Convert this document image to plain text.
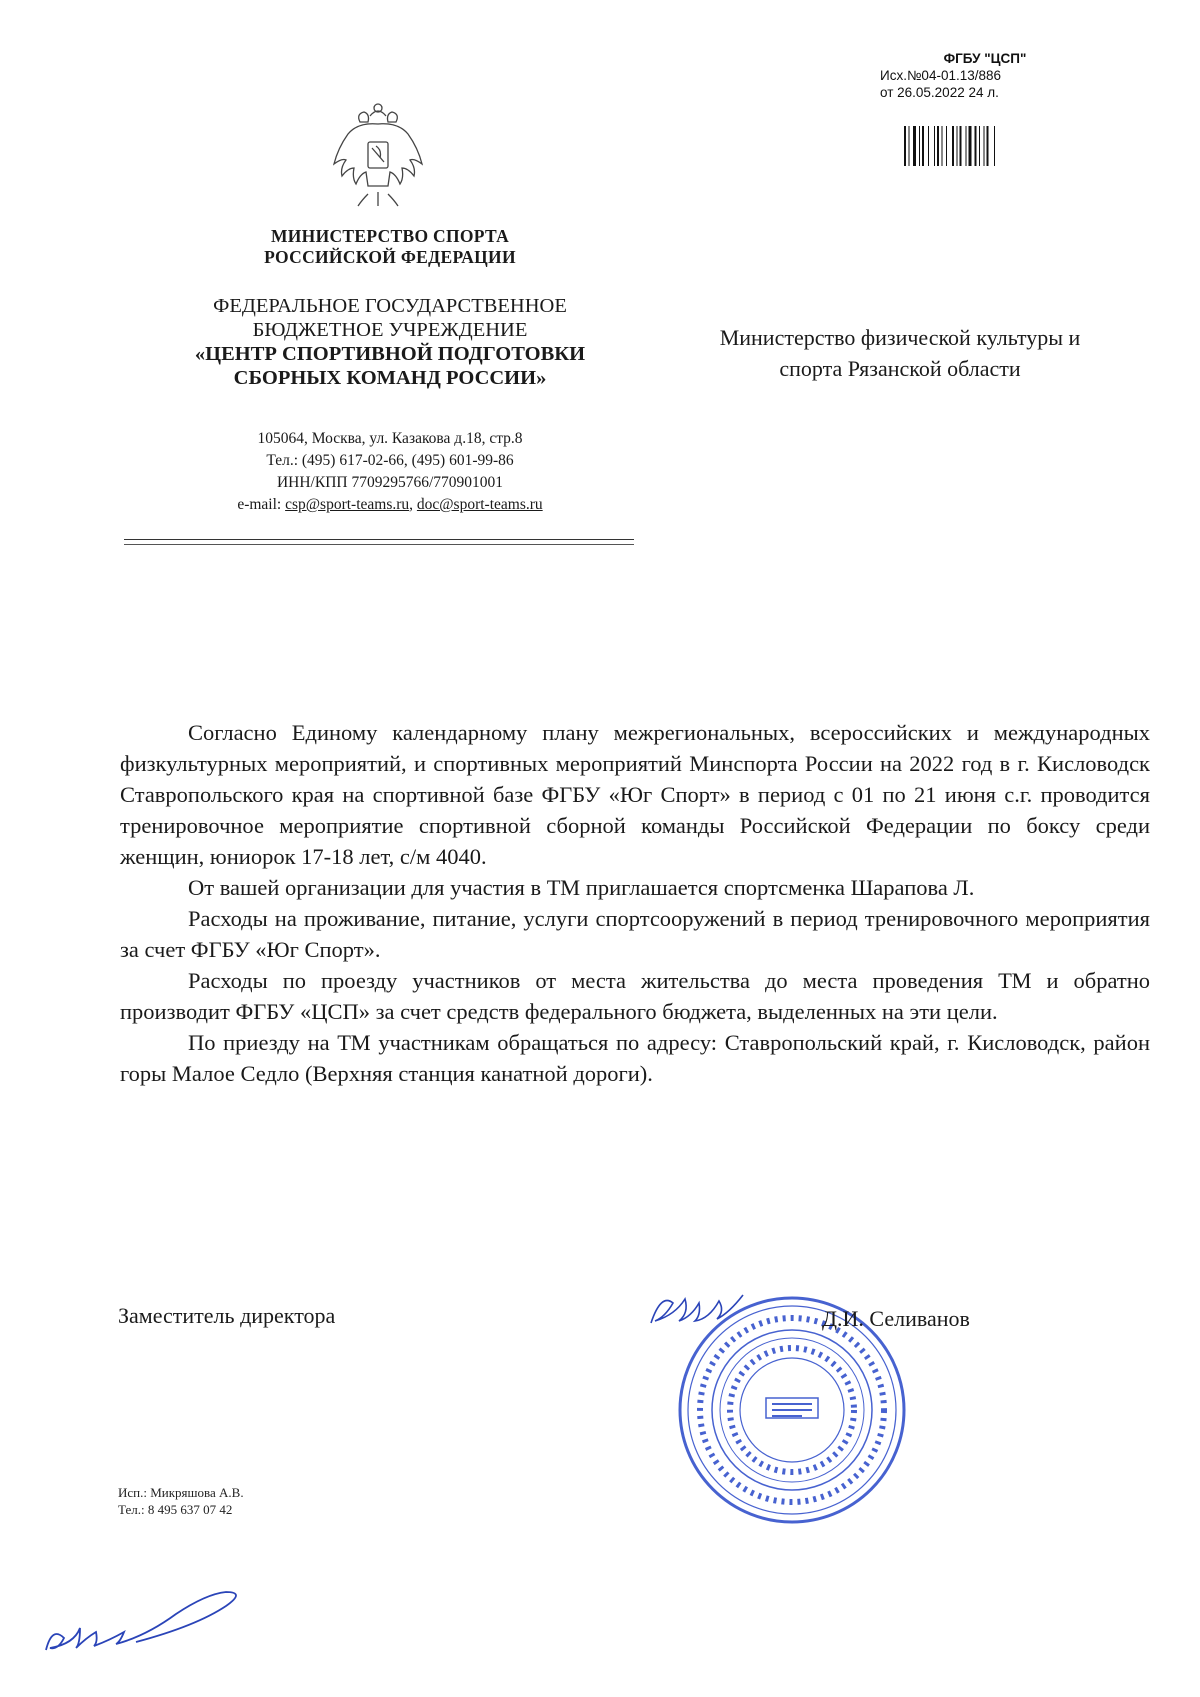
ФГБУ "ЦСП"
Исх.№04-01.13/886
от 26.05.2022 24 л.
МИНИСТЕРСТВО СПОРТА
РОССИЙСКОЙ ФЕДЕРАЦИИ
ФЕДЕРАЛЬНОЕ ГОСУДАРСТВЕННОЕ
БЮДЖЕТНОЕ УЧРЕЖДЕНИЕ
«ЦЕНТР СПОРТИВНОЙ ПОДГОТОВКИ
СБОРНЫХ КОМАНД РОССИИ»
105064, Москва, ул. Казакова д.18, стр.8
Тел.: (495) 617-02-66, (495) 601-99-86
ИНН/КПП 7709295766/770901001
e-mail: csp@sport-teams.ru, doc@sport-teams.ru
Министерство физической культуры и
спорта Рязанской области

Согласно Единому календарному плану межрегиональных, всероссийских и международных физкультурных мероприятий, и спортивных мероприятий Минспорта России на 2022 год в г. Кисловодск Ставропольского края на спортивной базе ФГБУ «Юг Спорт» в период с 01 по 21 июня с.г. проводится тренировочное мероприятие спортивной сборной команды Российской Федерации по боксу среди женщин, юниорок 17-18 лет, с/м 4040.

От вашей организации для участия в ТМ приглашается спортсменка Шарапова Л.

Расходы на проживание, питание, услуги спортсооружений в период тренировочного мероприятия за счет ФГБУ «Юг Спорт».

Расходы по проезду участников от места жительства до места проведения ТМ и обратно производит ФГБУ «ЦСП» за счет средств федерального бюджета, выделенных на эти цели.

По приезду на ТМ участникам обращаться по адресу: Ставропольский край, г. Кисловодск, район горы Малое Седло (Верхняя станция канатной дороги).

Заместитель директора	Д.И. Селиванов
Исп.: Микряшова А.В.
Тел.: 8 495 637 07 42
